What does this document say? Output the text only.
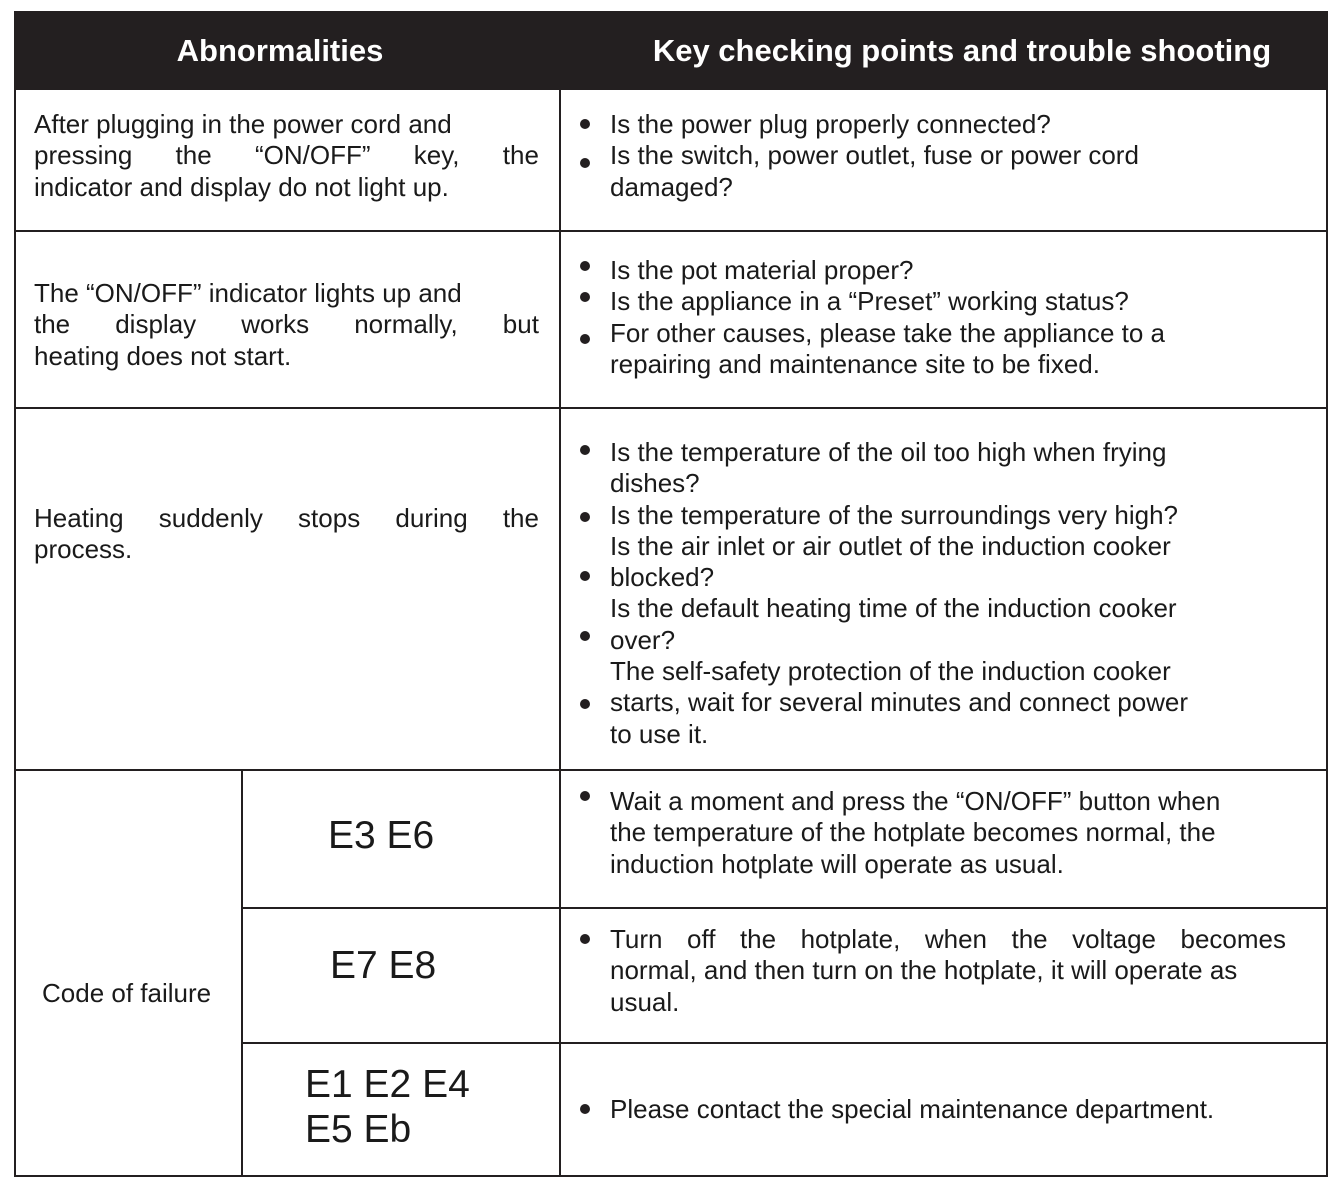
Abnormalities	Key checking points and trouble shooting
After plugging in the power cord and
pressing the “ON/OFF” key, the
indicator and display do not light up.
Is the power plug properly connected?
Is the switch, power outlet, fuse or power cord
damaged?
The “ON/OFF” indicator lights up and
the display works normally, but
heating does not start.
Is the pot material proper?
Is the appliance in a “Preset” working status?
For other causes, please take the appliance to a
repairing and maintenance site to be fixed.
Heating suddenly stops during the
process.
Is the temperature of the oil too high when frying
dishes?
Is the temperature of the surroundings very high?
Is the air inlet or air outlet of the induction cooker
blocked?
Is the default heating time of the induction cooker
over?
The self-safety protection of the induction cooker
starts, wait for several minutes and connect power
to use it.
Code of failure
E3 E6
Wait a moment and press the “ON/OFF” button when
the temperature of the hotplate becomes normal, the
induction hotplate will operate as usual.
E7 E8
Turn off the hotplate, when the voltage becomes
normal, and then turn on the hotplate, it will operate as
usual.
E1 E2 E4
E5 Eb	Please contact the special maintenance department.
